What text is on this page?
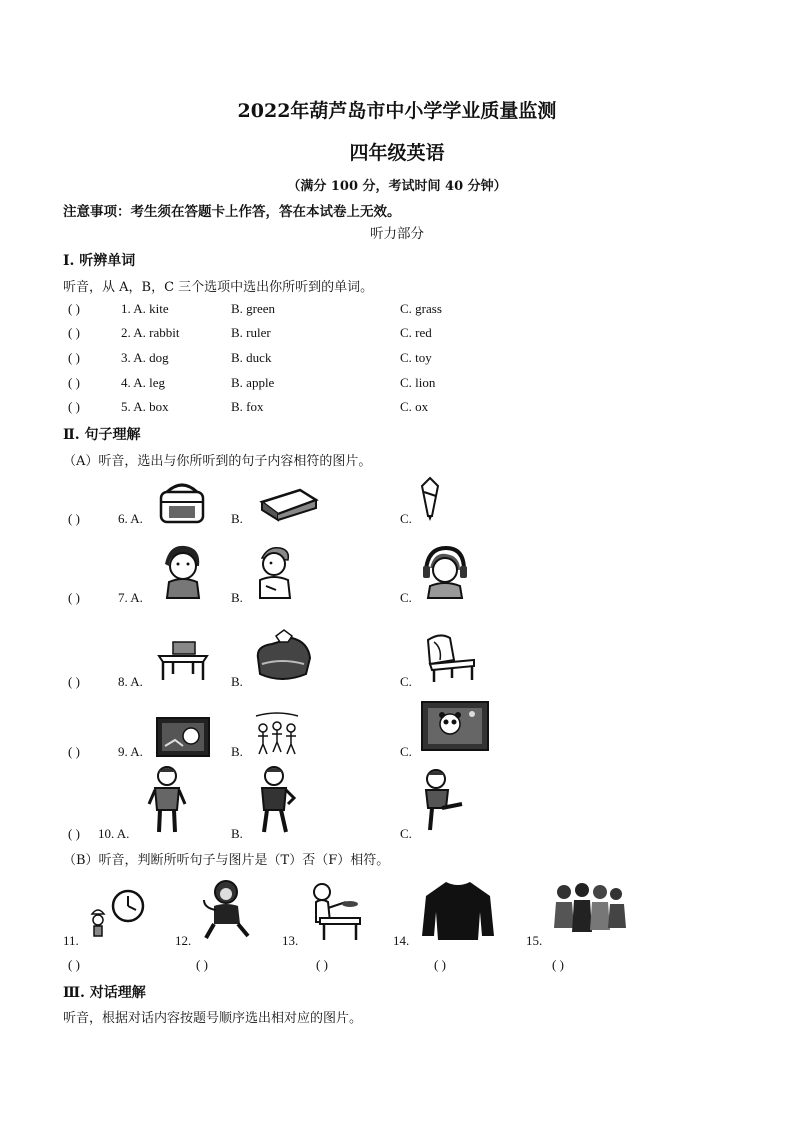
2022年葫芦岛市中小学学业质量监测
四年级英语
（满分 100 分，考试时间 40 分钟）
注意事项：考生须在答题卡上作答，答在本试卷上无效。
听力部分
Ⅰ. 听辨单词
听音，从 A，B，C 三个选项中选出你所听到的单词。
( )	1. A. kite	B. green	C. grass
( )	2. A. rabbit	B. ruler	C. red
( )	3. A. dog	B. duck	C. toy
( )	4. A. leg	B. apple	C. lion
( )	5. A. box	B. fox	C. ox
Ⅱ. 句子理解
（A）听音，选出与你所听到的句子内容相符的图片。
( )	6. A.	B.	C.
( )	7. A.	B.	C.
( )	8. A.	B.	C.
( )	9. A.	B.	C.
( ) 10. A.	B.	C.
（B）听音，判断所听句子与图片是（T）否（F）相符。
11.
( )
12.
( )
13.
( )
14.
( )
15.
( )
Ⅲ. 对话理解
听音，根据对话内容按题号顺序选出相对应的图片。
